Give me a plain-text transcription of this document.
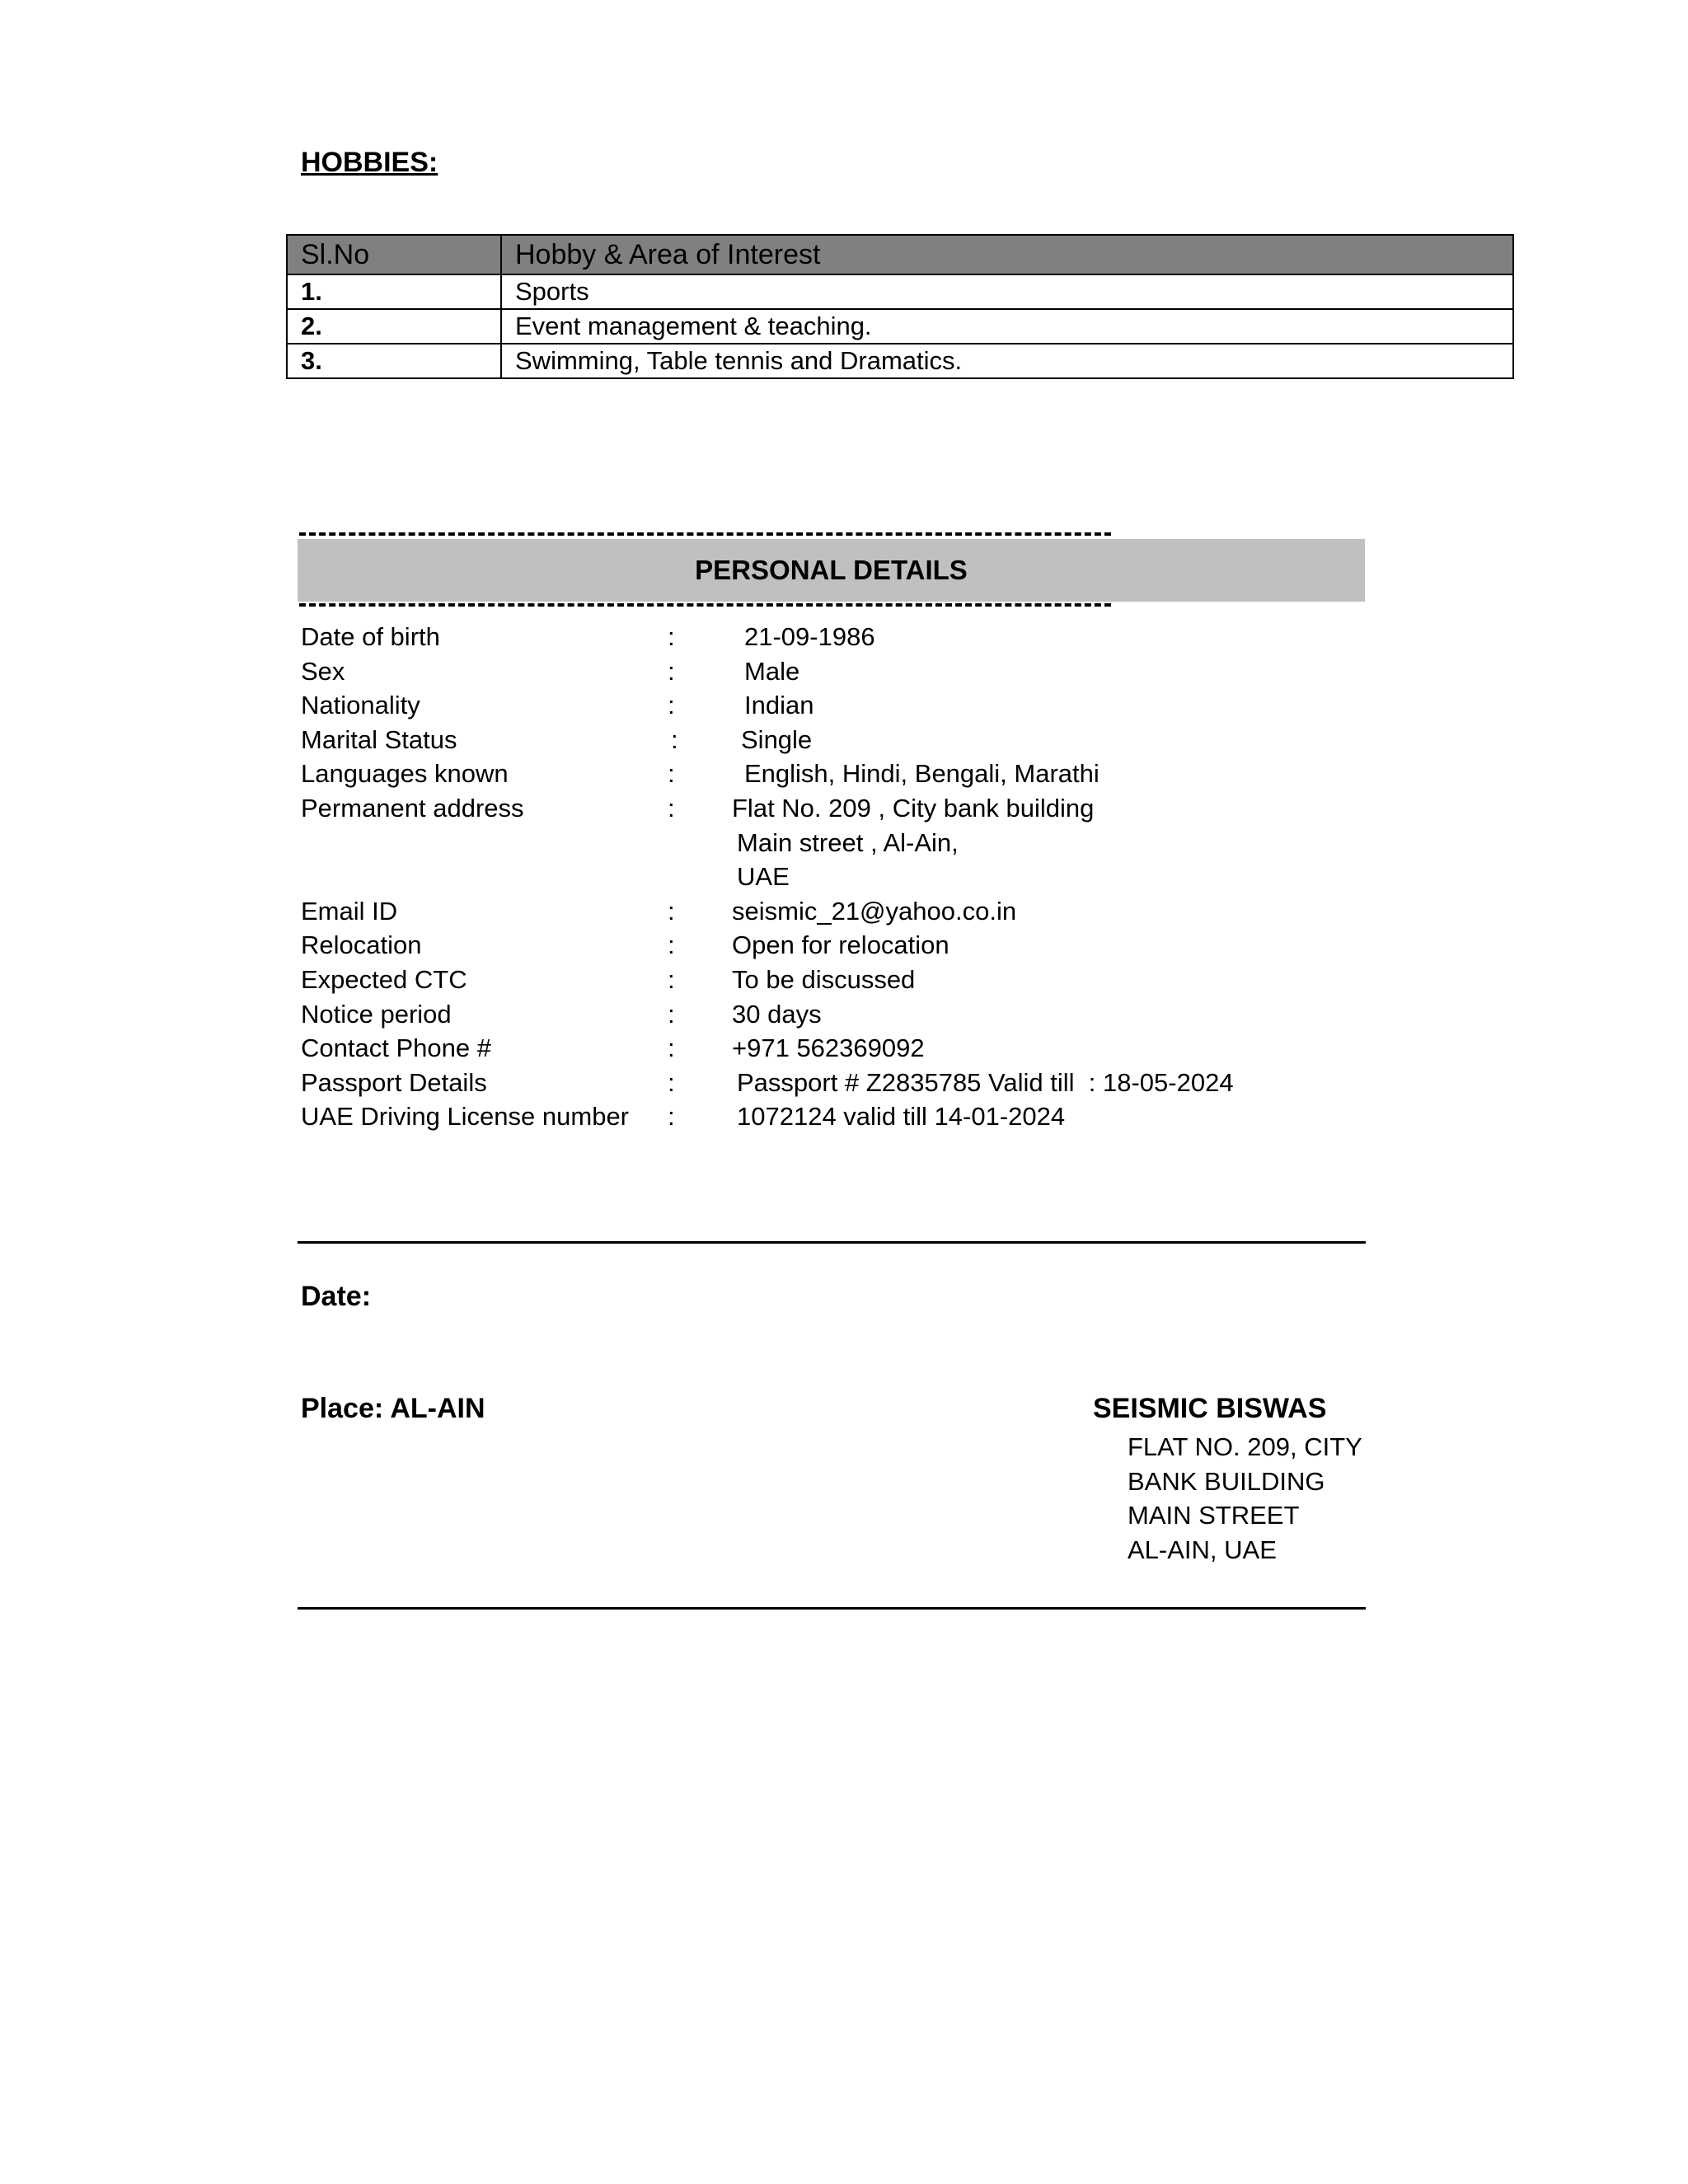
HOBBIES:
Sl.No	Hobby & Area of Interest
1.	Sports
2.	Event management & teaching.
3.	Swimming, Table tennis and Dramatics.
PERSONAL DETAILS
Date of birth	:	21-09-1986
Sex	:	Male
Nationality	:	Indian
Marital Status	:	Single
Languages known	:	English, Hindi, Bengali, Marathi
Permanent address	:	Flat No. 209 , City bank building
Main street , Al-Ain,
UAE
Email ID	:	seismic_21@yahoo.co.in
Relocation	:	Open for relocation
Expected CTC	:	To be discussed
Notice period	:	30 days
Contact Phone #	:	+971 562369092
Passport Details	:	Passport # Z2835785 Valid till  : 18-05-2024
UAE Driving License number	:	1072124 valid till 14-01-2024
Date:
Place: AL-AIN	SEISMIC BISWAS
FLAT NO. 209, CITY
BANK BUILDING
MAIN STREET
AL-AIN, UAE
